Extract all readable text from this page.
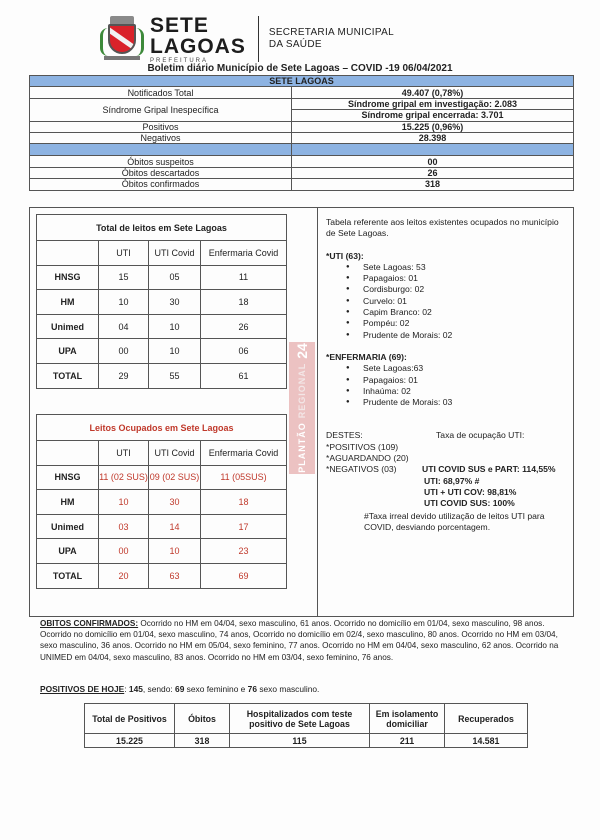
SETE
LAGOAS
PREFEITURA
SECRETARIA MUNICIPAL
DA SAÚDE
Boletim diário Município de Sete Lagoas – COVID -19 06/04/2021
SETE LAGOAS	
Notificados Total	49.407 (0,78%)
Síndrome Gripal Inespecífica	Síndrome gripal em investigação: 2.083
	Síndrome gripal encerrada: 3.701
Positivos	15.225 (0,96%)
Negativos	28.398

Óbitos suspeitos	00
Óbitos descartados	26
Óbitos confirmados	318
Total de leitos em Sete Lagoas			
	UTI	UTI Covid	Enfermaria Covid
HNSG	15	05	11
HM	10	30	18
Unimed	04	10	26
UPA	00	10	06
TOTAL	29	55	61
Leitos Ocupados em Sete Lagoas			
	UTI	UTI Covid	Enfermaria Covid
HNSG	11 (02 SUS)	09 (02 SUS)	11 (05SUS)
HM	10	30	18
Unimed	03	14	17
UPA	00	10	23
TOTAL	20	63	69
Tabela referente aos leitos existentes ocupados no município de Sete Lagoas.
*UTI (63):
● Sete Lagoas: 53
● Papagaios: 01
● Cordisburgo: 02
● Curvelo: 01
● Capim Branco: 02
● Pompéu: 02
● Prudente de Morais: 02
*ENFERMARIA (69):
● Sete Lagoas:63
● Papagaios: 01
● Inhaúma: 02
● Prudente de Morais: 03
DESTES:	Taxa de ocupação UTI:
*POSITIVOS (109)
*AGUARDANDO (20)
*NEGATIVOS (03)	UTI COVID SUS e PART: 114,55%
UTI: 68,97% #
UTI + UTI COV: 98,81%
UTI COVID SUS: 100%
#Taxa irreal devido utilização de leitos UTI para COVID, desviando porcentagem.
PLANTÃO
REGIONAL
24
OBITOS CONFIRMADOS: Ocorrido no HM em 04/04, sexo masculino, 61 anos. Ocorrido no domicílio em 01/04, sexo masculino, 98 anos. Ocorrido no domicílio em 01/04, sexo masculino, 74 anos, Ocorrido no domicílio em 02/4, sexo masculino, 80 anos. Ocorrido no HM em 03/04, sexo masculino, 36 anos. Ocorrido no HM em 05/04, sexo feminino, 77 anos. Ocorrido no HM em 04/04, sexo masculino, 62 anos. Ocorrido na UNIMED em 04/04, sexo masculino, 83 anos. Ocorrido no HM em 03/04, sexo feminino, 76 anos.
POSITIVOS DE HOJE: 145, sendo: 69 sexo feminino e 76 sexo masculino.
Total de Positivos	Óbitos	Hospitalizados com teste positivo de Sete Lagoas	Em isolamento domiciliar	Recuperados
15.225	318	115	211	14.581
